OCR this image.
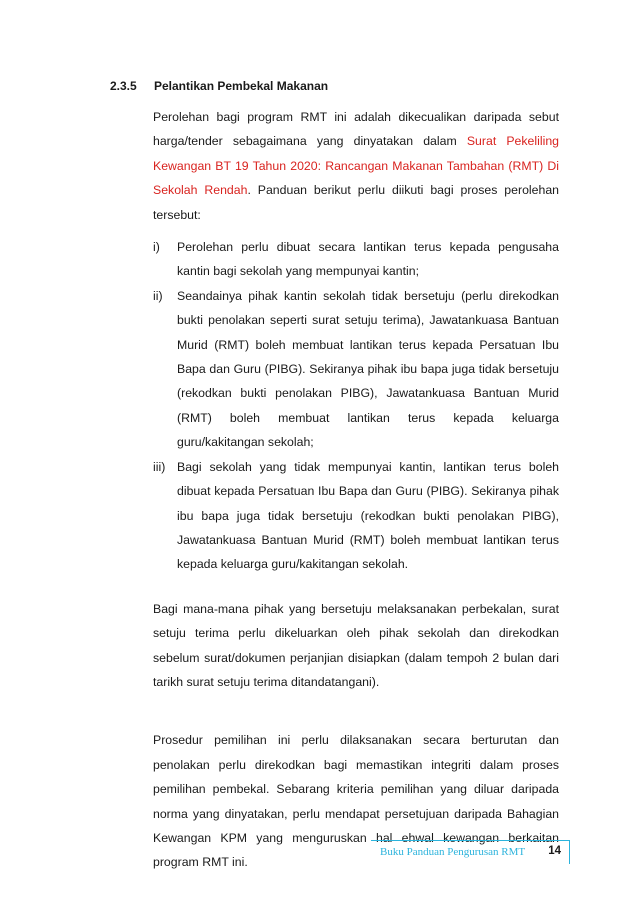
2.3.5 Pelantikan Pembekal Makanan

Perolehan bagi program RMT ini adalah dikecualikan daripada sebut harga/tender sebagaimana yang dinyatakan dalam Surat Pekeliling Kewangan BT 19 Tahun 2020: Rancangan Makanan Tambahan (RMT) Di Sekolah Rendah. Panduan berikut perlu diikuti bagi proses perolehan tersebut:

i) Perolehan perlu dibuat secara lantikan terus kepada pengusaha kantin bagi sekolah yang mempunyai kantin;
ii) Seandainya pihak kantin sekolah tidak bersetuju (perlu direkodkan bukti penolakan seperti surat setuju terima), Jawatankuasa Bantuan Murid (RMT) boleh membuat lantikan terus kepada Persatuan Ibu Bapa dan Guru (PIBG). Sekiranya pihak ibu bapa juga tidak bersetuju (rekodkan bukti penolakan PIBG), Jawatankuasa Bantuan Murid (RMT) boleh membuat lantikan terus kepada keluarga guru/kakitangan sekolah;
iii) Bagi sekolah yang tidak mempunyai kantin, lantikan terus boleh dibuat kepada Persatuan Ibu Bapa dan Guru (PIBG). Sekiranya pihak ibu bapa juga tidak bersetuju (rekodkan bukti penolakan PIBG), Jawatankuasa Bantuan Murid (RMT) boleh membuat lantikan terus kepada keluarga guru/kakitangan sekolah.

Bagi mana-mana pihak yang bersetuju melaksanakan perbekalan, surat setuju terima perlu dikeluarkan oleh pihak sekolah dan direkodkan sebelum surat/dokumen perjanjian disiapkan (dalam tempoh 2 bulan dari tarikh surat setuju terima ditandatangani).

Prosedur pemilihan ini perlu dilaksanakan secara berturutan dan penolakan perlu direkodkan bagi memastikan integriti dalam proses pemilihan pembekal. Sebarang kriteria pemilihan yang diluar daripada norma yang dinyatakan, perlu mendapat persetujuan daripada Bahagian Kewangan KPM yang menguruskan hal ehwal kewangan berkaitan program RMT ini.

Buku Panduan Pengurusan RMT 14
